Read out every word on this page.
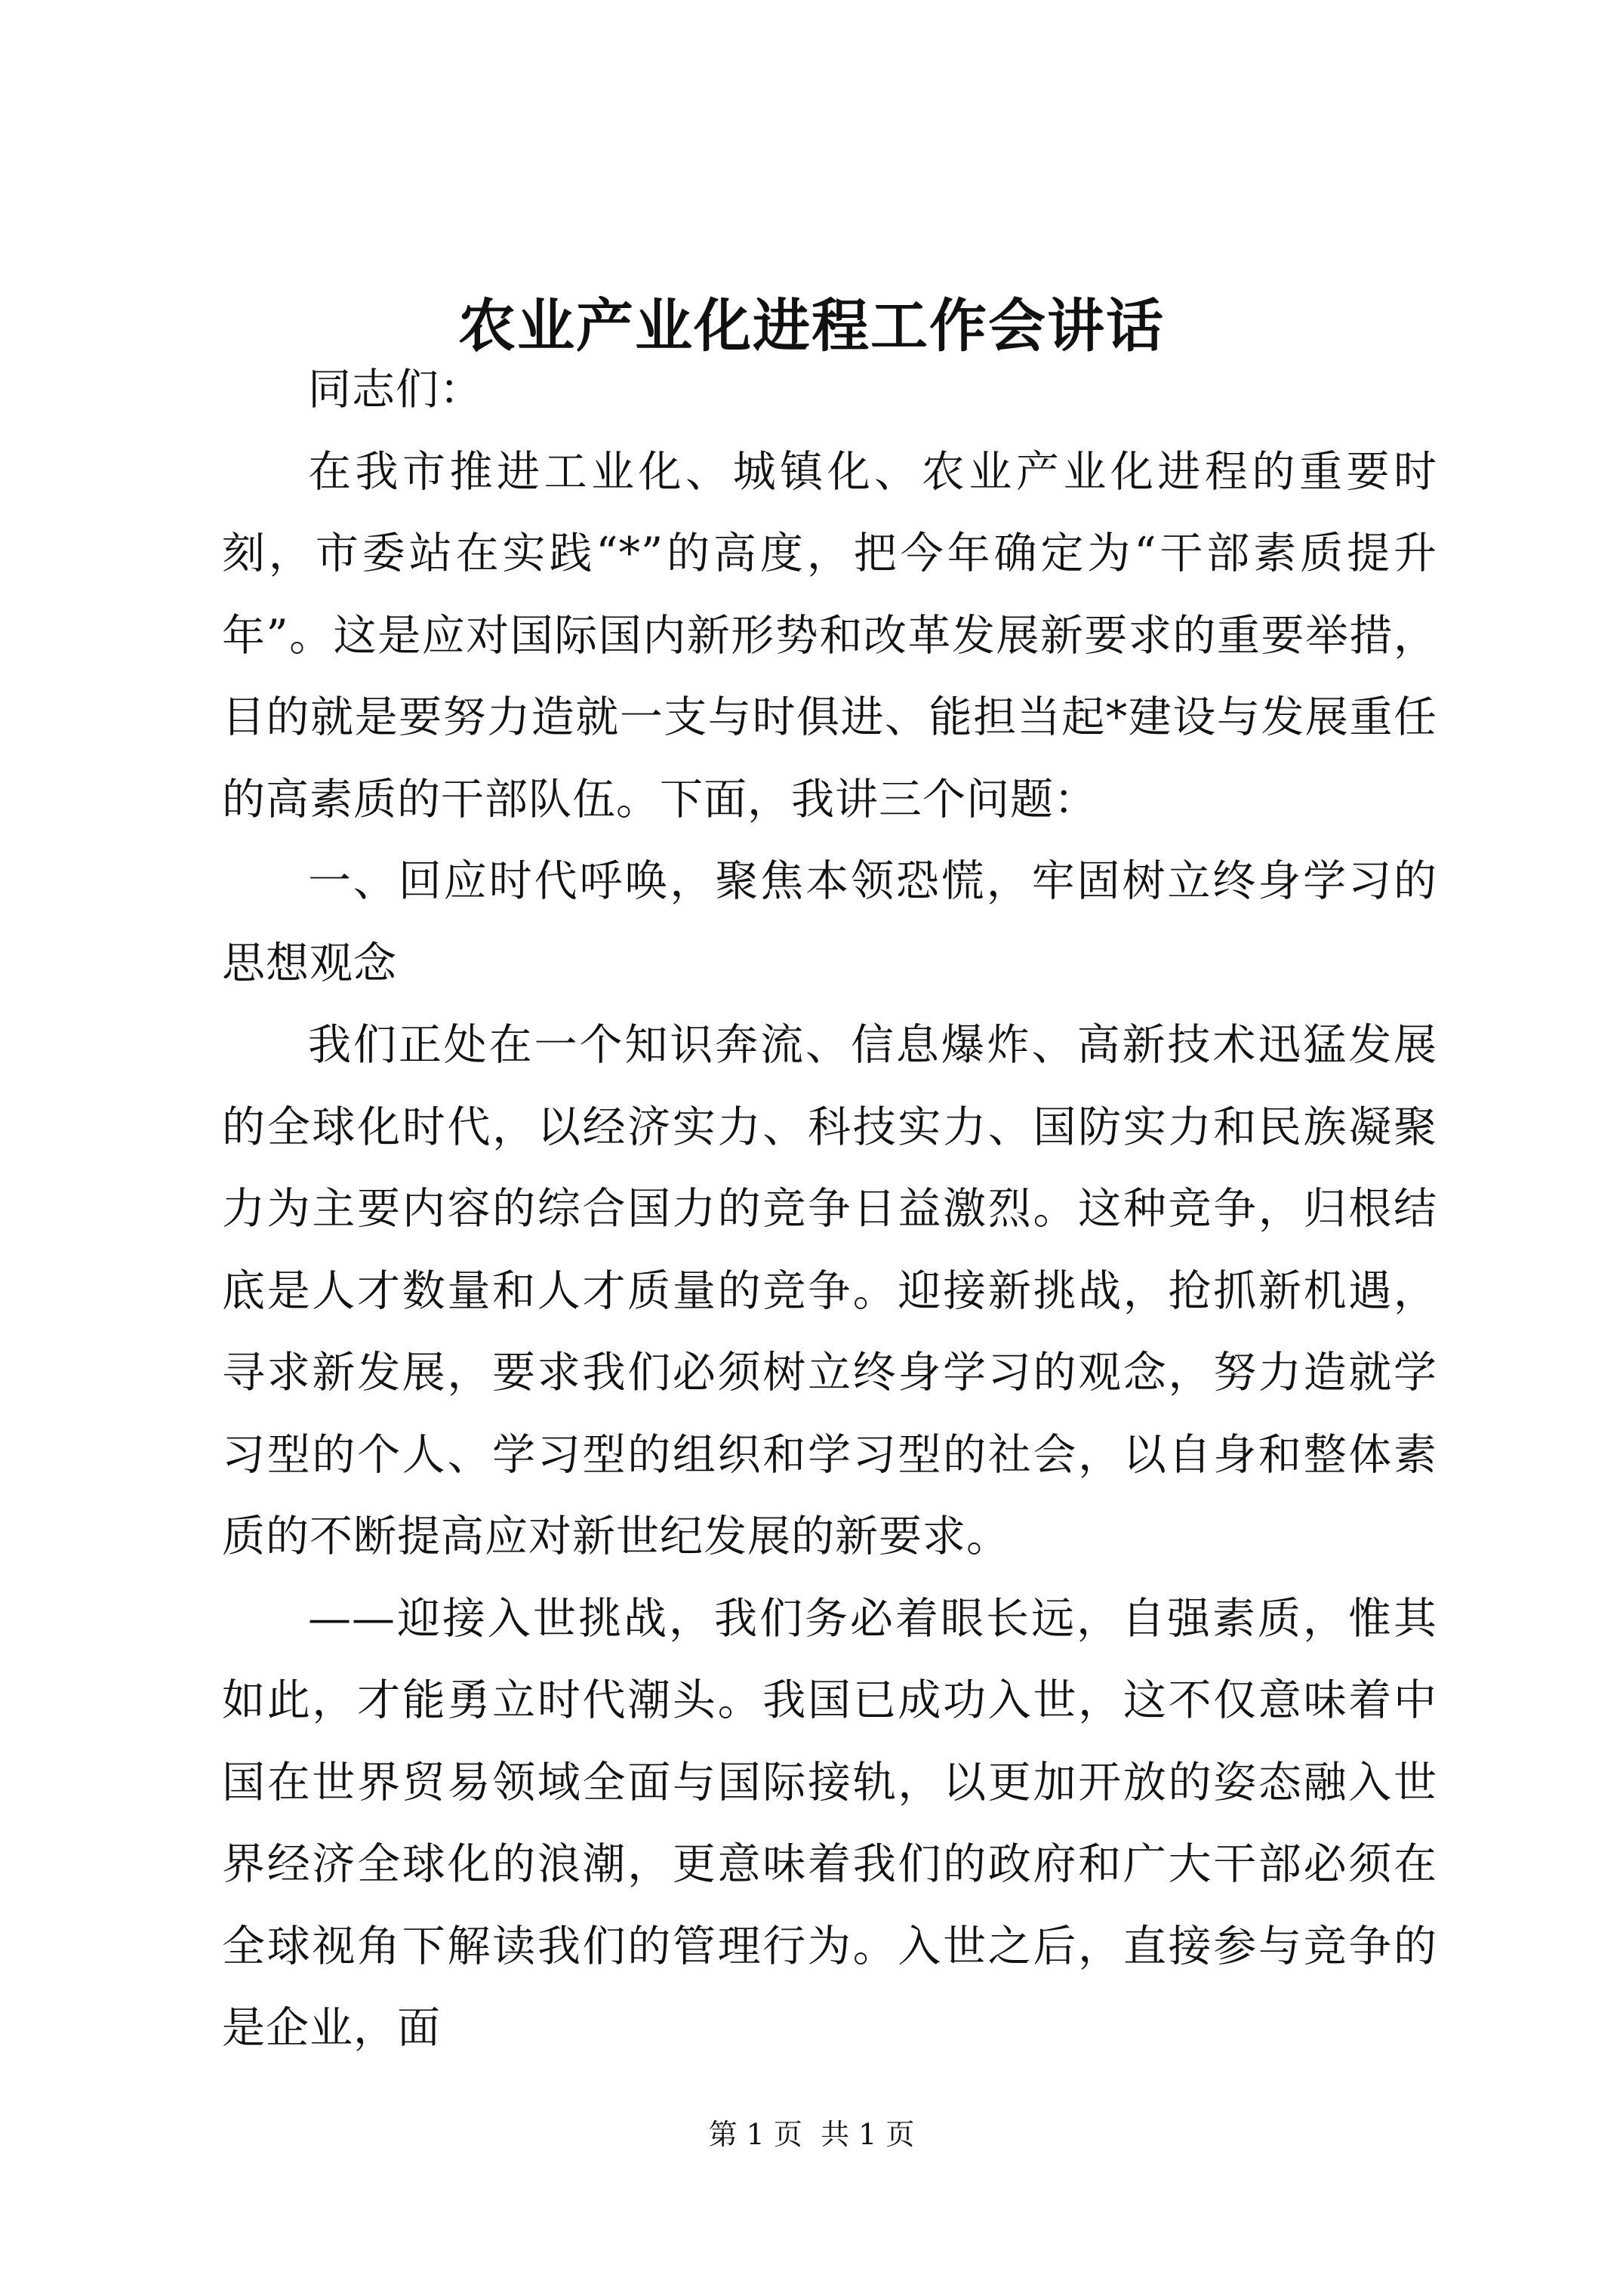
农业产业化进程工作会讲话

同志们：

在我市推进工业化、城镇化、农业产业化进程的重要时刻，市委站在实践“*”的高度，把今年确定为“干部素质提升年”。这是应对国际国内新形势和改革发展新要求的重要举措，目的就是要努力造就一支与时俱进、能担当起*建设与发展重任的高素质的干部队伍。下面，我讲三个问题：

一、回应时代呼唤，聚焦本领恐慌，牢固树立终身学习的思想观念

我们正处在一个知识奔流、信息爆炸、高新技术迅猛发展的全球化时代，以经济实力、科技实力、国防实力和民族凝聚力为主要内容的综合国力的竞争日益激烈。这种竞争，归根结底是人才数量和人才质量的竞争。迎接新挑战，抢抓新机遇，寻求新发展，要求我们必须树立终身学习的观念，努力造就学习型的个人、学习型的组织和学习型的社会，以自身和整体素质的不断提高应对新世纪发展的新要求。

——迎接入世挑战，我们务必着眼长远，自强素质，惟其如此，才能勇立时代潮头。我国已成功入世，这不仅意味着中国在世界贸易领域全面与国际接轨，以更加开放的姿态融入世界经济全球化的浪潮，更意味着我们的政府和广大干部必须在全球视角下解读我们的管理行为。入世之后，直接参与竞争的是企业，面

第 1 页  共 1 页
